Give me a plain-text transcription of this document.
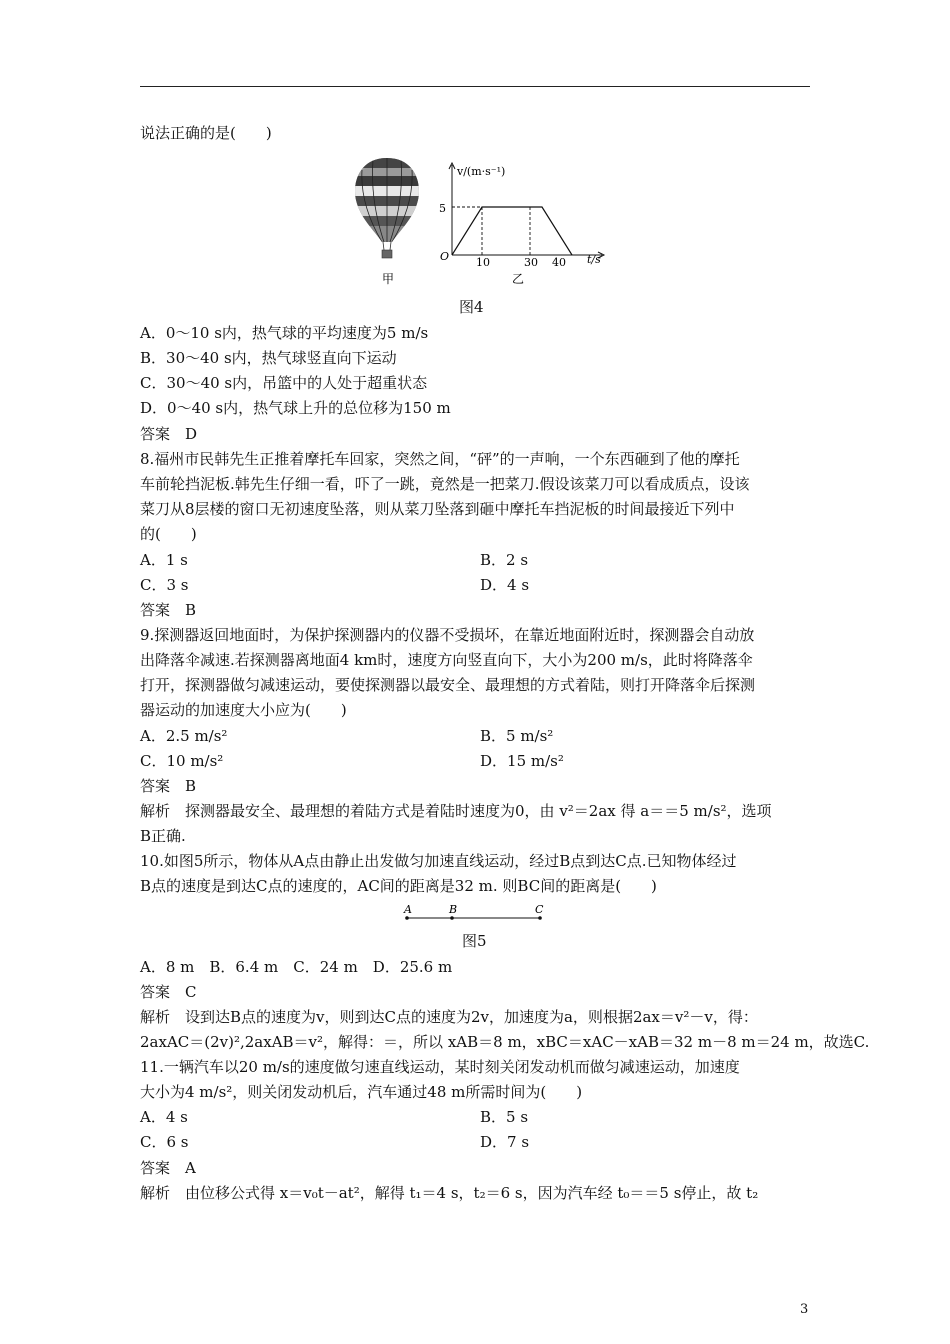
说法正确的是(　　)
v/(m·s⁻¹)
t/s
O
5
10	30 40
甲	乙
图4
A．0～10 s内，热气球的平均速度为5 m/s
B．30～40 s内，热气球竖直向下运动
C．30～40 s内，吊篮中的人处于超重状态
D．0～40 s内，热气球上升的总位移为150 m
答案　D
8.福州市民韩先生正推着摩托车回家，突然之间，“砰”的一声响，一个东西砸到了他的摩托
车前轮挡泥板.韩先生仔细一看，吓了一跳，竟然是一把菜刀.假设该菜刀可以看成质点，设该
菜刀从8层楼的窗口无初速度坠落，则从菜刀坠落到砸中摩托车挡泥板的时间最接近下列中
的(　　)
A．1 s	B．2 s
C．3 s	D．4 s
答案　B
9.探测器返回地面时，为保护探测器内的仪器不受损坏，在靠近地面附近时，探测器会自动放
出降落伞减速.若探测器离地面4 km时，速度方向竖直向下，大小为200 m/s，此时将降落伞
打开，探测器做匀减速运动，要使探测器以最安全、最理想的方式着陆，则打开降落伞后探测
器运动的加速度大小应为(　　)
A．2.5 m/s²	B．5 m/s²
C．10 m/s²	D．15 m/s²
答案　B
解析　探测器最安全、最理想的着陆方式是着陆时速度为0，由 v²＝2ax 得 a＝＝5 m/s²，选项
B正确.
10.如图5所示，物体从A点由静止出发做匀加速直线运动，经过B点到达C点.已知物体经过
B点的速度是到达C点的速度的，AC间的距离是32 m. 则BC间的距离是(　　)
A	B	C
图5
A．8 m　B．6.4 m　C．24 m　D．25.6 m
答案　C
解析　设到达B点的速度为v，则到达C点的速度为2v，加速度为a，则根据2ax＝v²－v，得：
2axAC＝(2v)²,2axAB＝v²，解得：＝，所以 xAB＝8 m，xBC＝xAC－xAB＝32 m－8 m＝24 m，故选C.
11.一辆汽车以20 m/s的速度做匀速直线运动，某时刻关闭发动机而做匀减速运动，加速度
大小为4 m/s²，则关闭发动机后，汽车通过48 m所需时间为(　　)
A．4 s	B．5 s
C．6 s	D．7 s
答案　A
解析　由位移公式得 x＝v₀t－at²，解得 t₁＝4 s，t₂＝6 s，因为汽车经 t₀＝＝5 s停止，故 t₂
3
